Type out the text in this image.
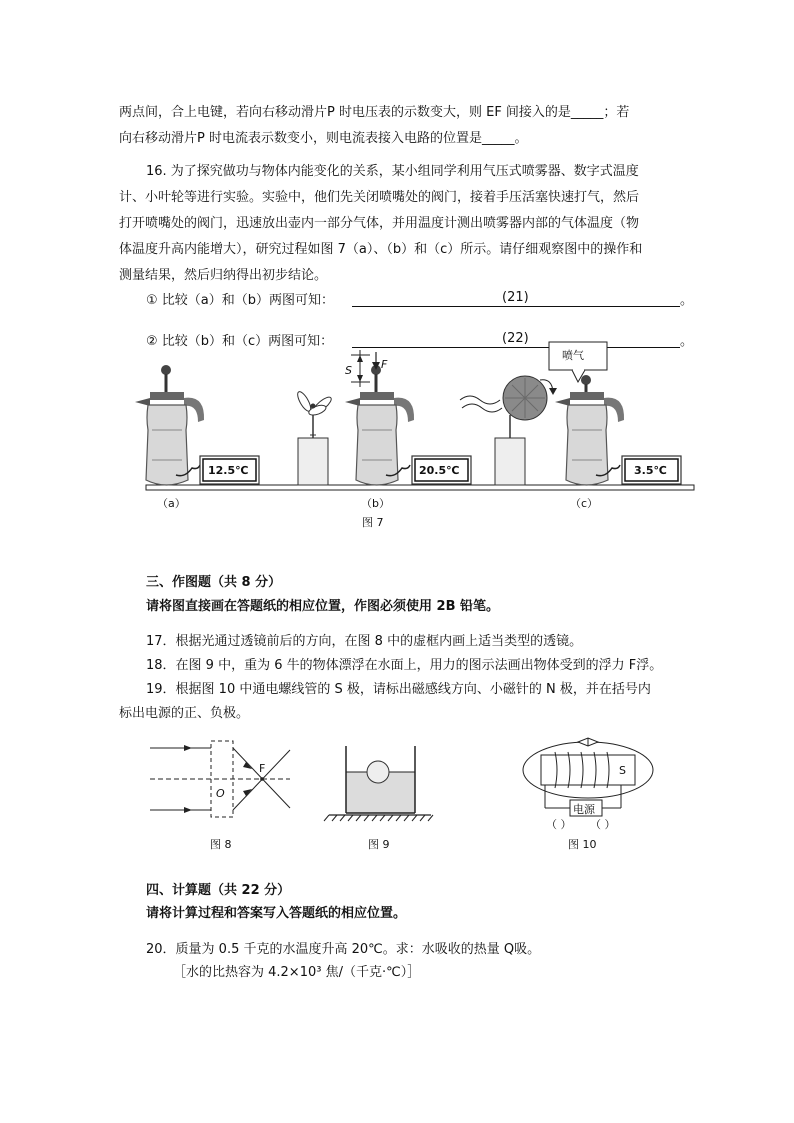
两点间，合上电键，若向右移动滑片P 时电压表的示数变大，则 EF 间接入的是_____；若
向右移动滑片P 时电流表示数变小，则电流表接入电路的位置是_____。
16. 为了探究做功与物体内能变化的关系，某小组同学利用气压式喷雾器、数字式温度
计、小叶轮等进行实验。实验中，他们先关闭喷嘴处的阀门，接着手压活塞快速打气，然后
打开喷嘴处的阀门，迅速放出壶内一部分气体，并用温度计测出喷雾器内部的气体温度（物
体温度升高内能增大），研究过程如图 7（a）、（b）和（c）所示。请仔细观察图中的操作和
测量结果，然后归纳得出初步结论。
① 比较（a）和（b）两图可知：	(21)	。
② 比较（b）和（c）两图可知：	(22)	。
12.5℃	20.5℃	3.5℃
喷气
S	F
（a）	（b）	（c）
图 7
三、作图题（共 8 分）
请将图直接画在答题纸的相应位置，作图必须使用 2B 铅笔。
17．根据光通过透镜前后的方向，在图 8 中的虚框内画上适当类型的透镜。
18．在图 9 中，重为 6 牛的物体漂浮在水面上，用力的图示法画出物体受到的浮力 F浮。
19．根据图 10 中通电螺线管的 S 极，请标出磁感线方向、小磁针的 N 极，并在括号内
标出电源的正、负极。
F
O
图 8	图 9
S
电源
（ ） （ ）
图 10
四、计算题（共 22 分）
请将计算过程和答案写入答题纸的相应位置。
20．质量为 0.5 千克的水温度升高 20℃。求：水吸收的热量 Q吸。
［水的比热容为 4.2×10³ 焦/（千克·℃）］
